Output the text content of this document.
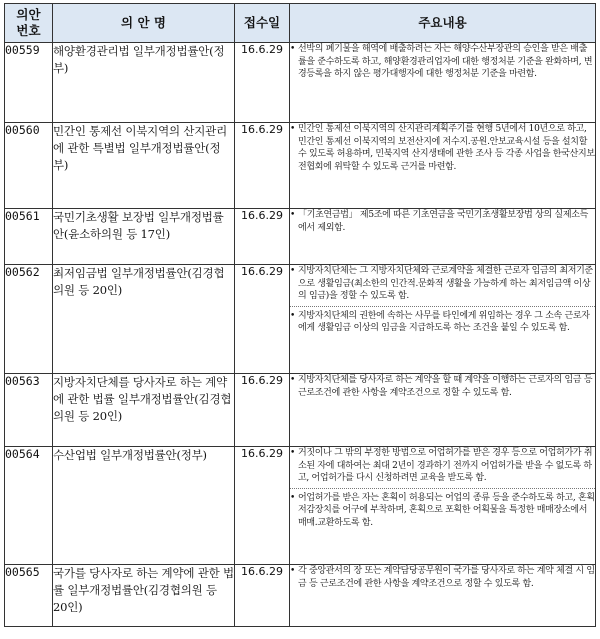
의안
번호	의 안 명	접수일	주요내용
00559	해양환경관리법 일부개정법률안(정부)	16.6.29	• 선박의 폐기물을 해역에 배출하려는 자는 해양수산부장관의 승인을 받은 배출률을 준수하도록 하고, 해양환경관리업자에 대한 행정처분 기준을 완화하며, 변경등록을 하지 않은 평가대행자에 대한 행정처분 기준을 마련함.

00560	민간인 통제선 이북지역의 산지관리에 관한 특별법 일부개정법률안(정부)	16.6.29	• 민간인 통제선 이북지역의 산지관리계획주기를 현행 5년에서 10년으로 하고, 민간인 통제선 이북지역의 보전산지에 저수지.공원.안보교육시설 등을 설치할 수 있도록 허용하며, 민북지역 산지생태에 관한 조사 등 각종 사업을 한국산지보전협회에 위탁할 수 있도록 근거를 마련함.

00561	국민기초생활 보장법 일부개정법률안(윤소하의원 등 17인)	16.6.29	• 「기초연금법」 제5조에 따른 기초연금을 국민기초생활보장법 상의 실제소득에서 제외함.

00562	최저임금법 일부개정법률안(김경협의원 등 20인)	16.6.29	• 지방자치단체는 그 지방자치단체와 근로계약을 체결한 근로자 임금의 최저기준으로 생활임금(최소한의 인간적.문화적 생활을 가능하게 하는 최저임금액 이상의 임금)을 정할 수 있도록 함.
• 지방자치단체의 권한에 속하는 사무를 타인에게 위임하는 경우 그 소속 근로자에게 생활임금 이상의 임금을 지급하도록 하는 조건을 붙일 수 있도록 함.

00563	지방자치단체를 당사자로 하는 계약에 관한 법률 일부개정법률안(김경협의원 등 20인)	16.6.29	• 지방자치단체를 당사자로 하는 계약을 할 때 계약을 이행하는 근로자의 임금 등 근로조건에 관한 사항을 계약조건으로 정할 수 있도록 함.

00564	수산업법 일부개정법률안(정부)	16.6.29	• 거짓이나 그 밖의 부정한 방법으로 어업허가를 받은 경우 등으로 어업허가가 취소된 자에 대하여는 최대 2년이 경과하기 전까지 어업허가를 받을 수 없도록 하고, 어업허가를 다시 신청하려면 교육을 받도록 함.
• 어업허가를 받은 자는 혼획이 허용되는 어업의 종류 등을 준수하도록 하고, 혼획 저감장치를 어구에 부착하며, 혼획으로 포획한 어획물을 특정한 매매장소에서 매매.교환하도록 함.

00565	국가를 당사자로 하는 계약에 관한 법률 일부개정법률안(김경협의원 등 20인)	16.6.29	• 각 중앙관서의 장 또는 계약담당공무원이 국가를 당사자로 하는 계약 체결 시 임금 등 근로조건에 관한 사항을 계약조건으로 정할 수 있도록 함.
